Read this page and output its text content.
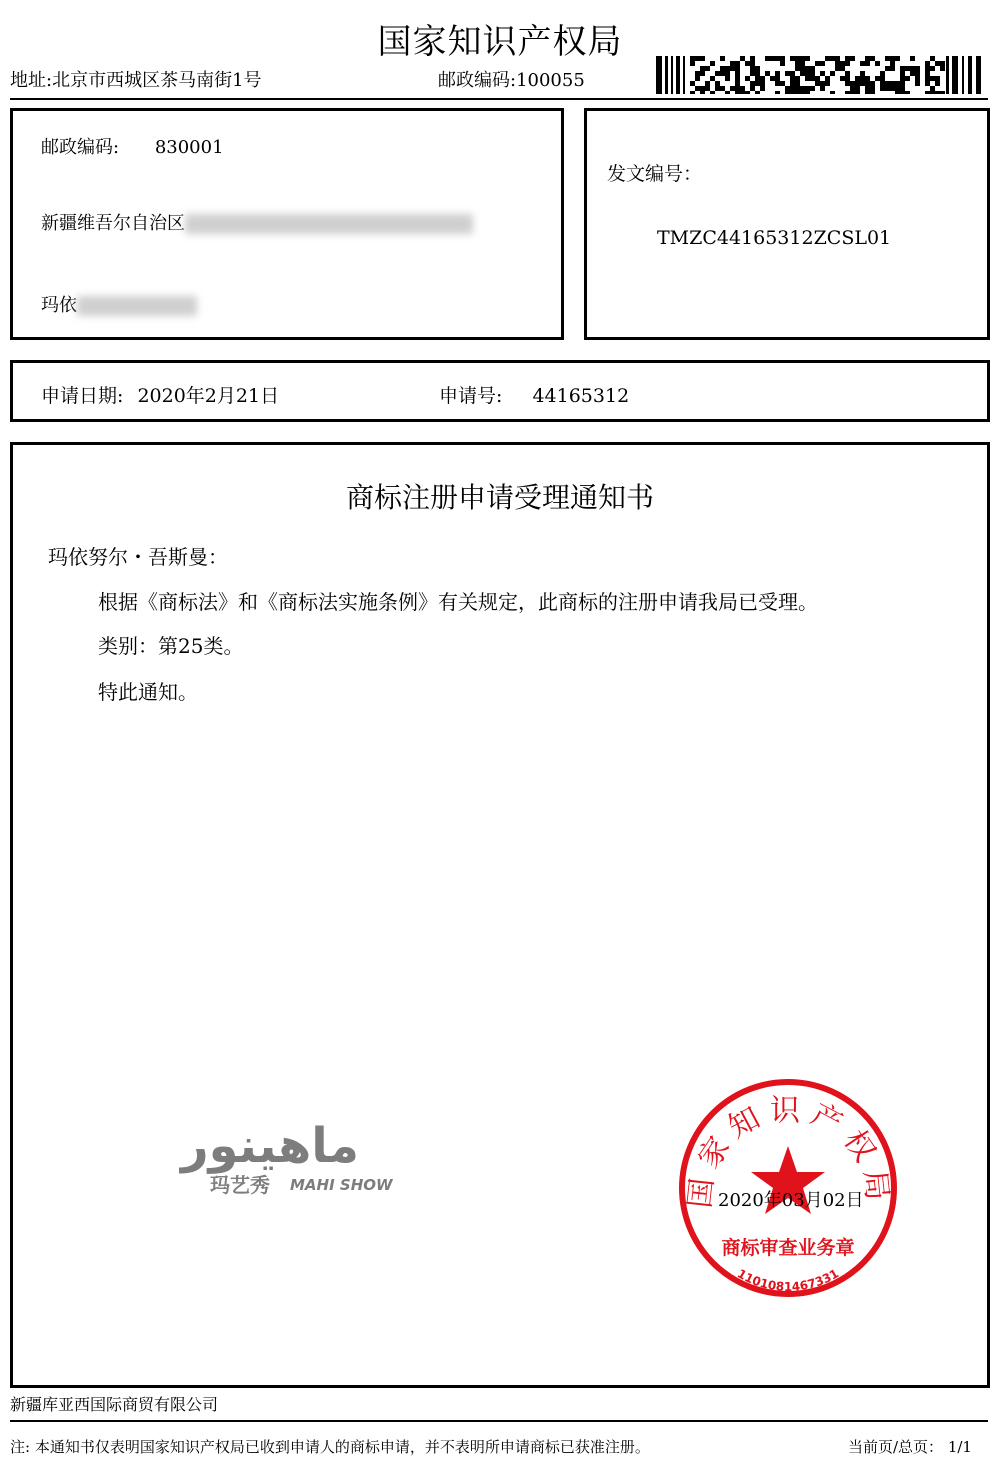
国家知识产权局
地址:北京市西城区茶马南街1号	邮政编码:100055
邮政编码: 830001
新疆维吾尔自治区
玛依
发文编号：
TMZC44165312ZCSL01
申请日期: 2020年2月21日	申请号: 44165312
商标注册申请受理通知书
玛依努尔・吾斯曼：
根据《商标法》和《商标法实施条例》有关规定，此商标的注册申请我局已受理。
类别：第25类。
特此通知。
ماهینور
玛艺秀 MAHI SHOW	国家知识产权局
商标审查业务章
1101081467331
2020年03月02日
新疆库亚西国际商贸有限公司
注: 本通知书仅表明国家知识产权局已收到申请人的商标申请，并不表明所申请商标已获准注册。	当前页/总页： 1/1
